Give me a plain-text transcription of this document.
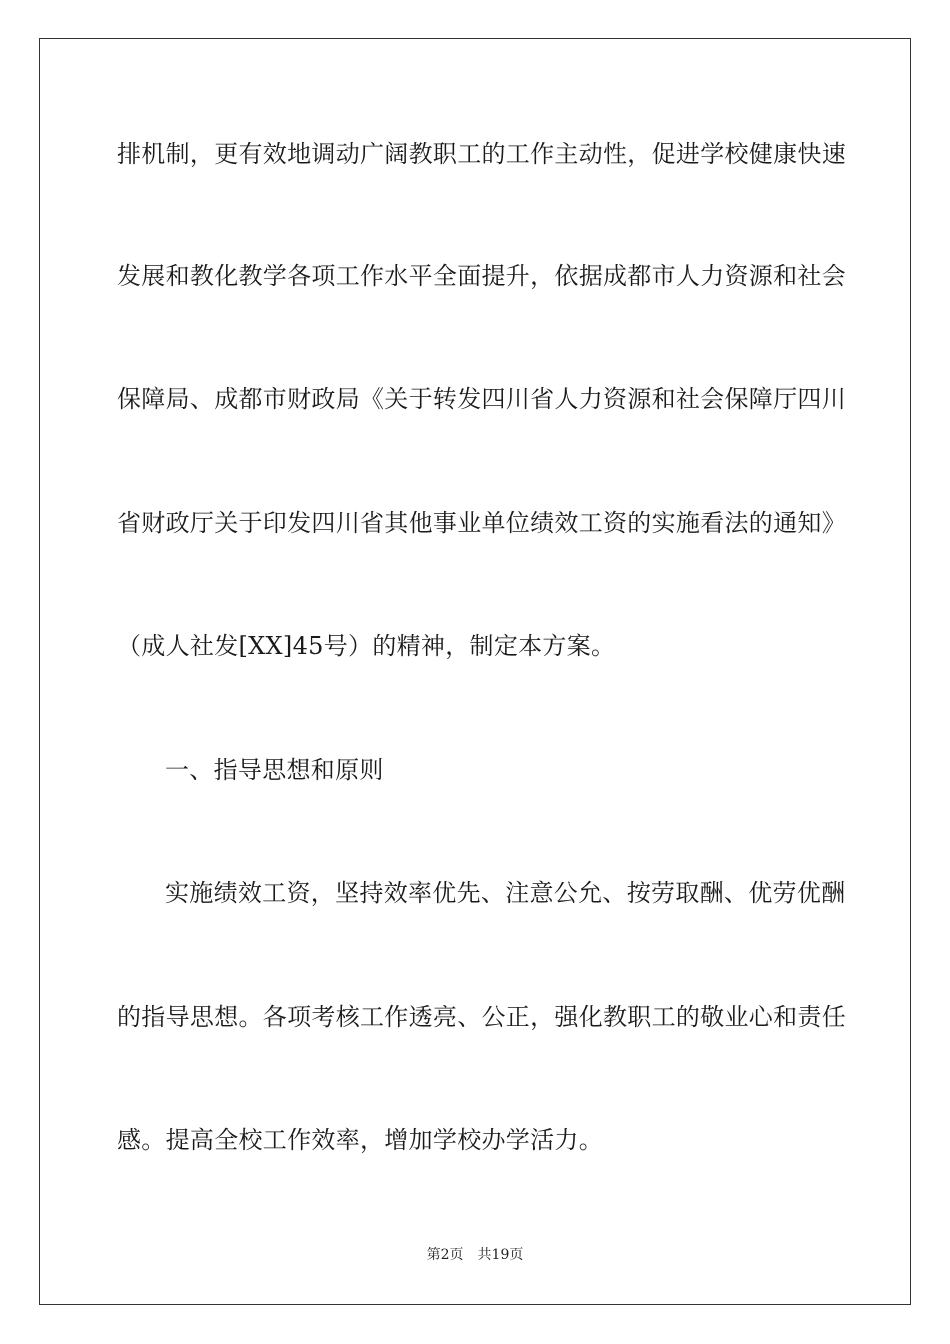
排机制，更有效地调动广阔教职工的工作主动性，促进学校健康快速
发展和教化教学各项工作水平全面提升，依据成都市人力资源和社会
保障局、成都市财政局《关于转发四川省人力资源和社会保障厅四川
省财政厅关于印发四川省其他事业单位绩效工资的实施看法的通知》
（成人社发[XX]45号）的精神，制定本方案。
一、指导思想和原则
实施绩效工资，坚持效率优先、注意公允、按劳取酬、优劳优酬
的指导思想。各项考核工作透亮、公正，强化教职工的敬业心和责任
感。提高全校工作效率，增加学校办学活力。
第2页 共19页
